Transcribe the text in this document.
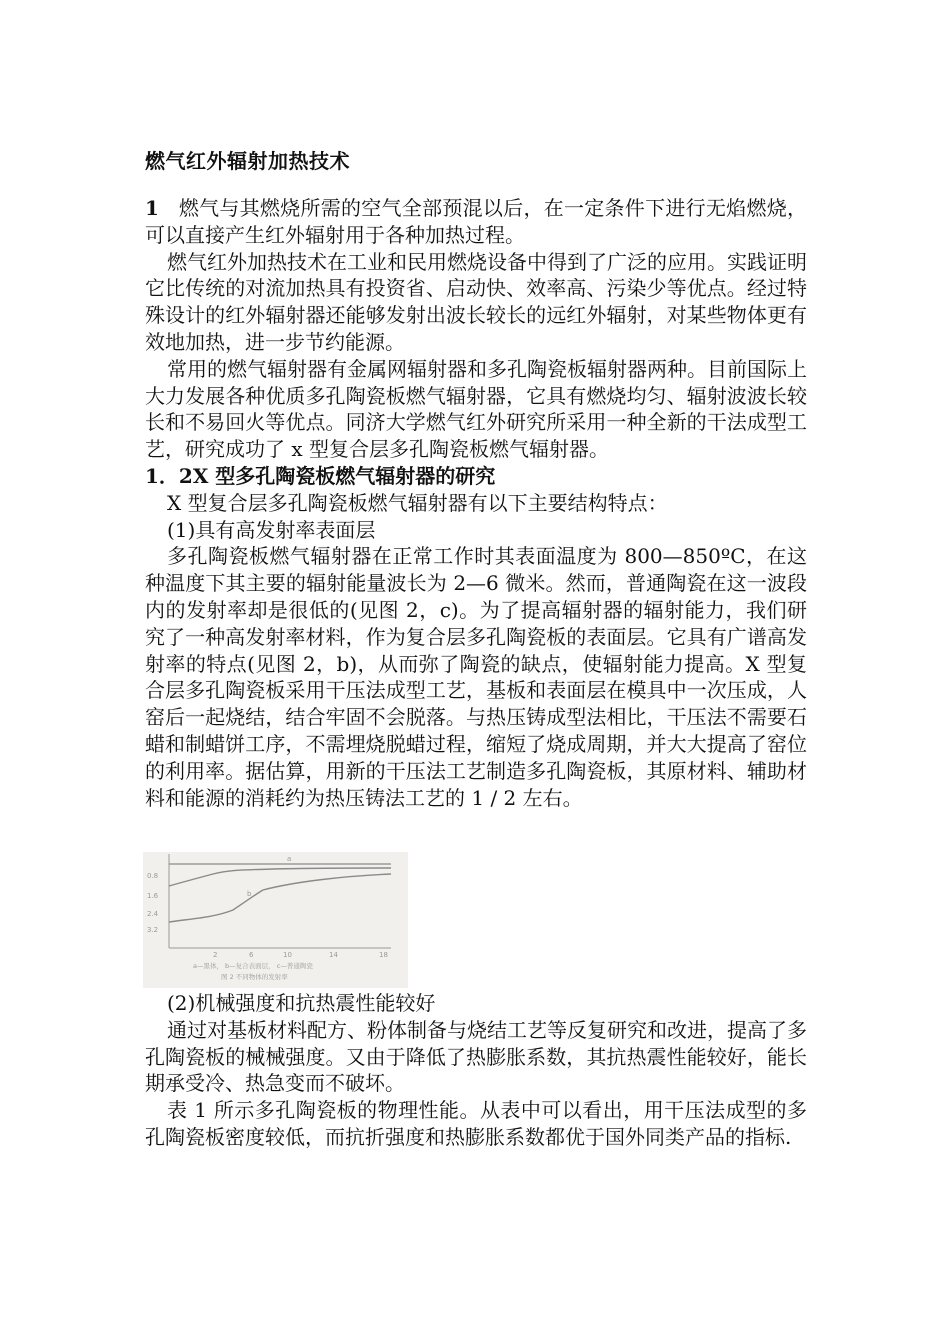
燃气红外辐射加热技术

1 燃气与其燃烧所需的空气全部预混以后，在一定条件下进行无焰燃烧，可以直接产生红外辐射用于各种加热过程。

燃气红外加热技术在工业和民用燃烧设备中得到了广泛的应用。实践证明它比传统的对流加热具有投资省、启动快、效率高、污染少等优点。经过特殊设计的红外辐射器还能够发射出波长较长的远红外辐射，对某些物体更有效地加热，进一步节约能源。

常用的燃气辐射器有金属网辐射器和多孔陶瓷板辐射器两种。目前国际上大力发展各种优质多孔陶瓷板燃气辐射器，它具有燃烧均匀、辐射波波长较长和不易回火等优点。同济大学燃气红外研究所采用一种全新的干法成型工艺，研究成功了 x 型复合层多孔陶瓷板燃气辐射器。

1．2X 型多孔陶瓷板燃气辐射器的研究

X 型复合层多孔陶瓷板燃气辐射器有以下主要结构特点：

(1)具有高发射率表面层

多孔陶瓷板燃气辐射器在正常工作时其表面温度为 800—850ºC，在这种温度下其主要的辐射能量波长为 2—6 微米。然而，普通陶瓷在这一波段内的发射率却是很低的(见图 2，c)。为了提高辐射器的辐射能力，我们研究了一种高发射率材料，作为复合层多孔陶瓷板的表面层。它具有广谱高发射率的特点(见图 2，b)，从而弥了陶瓷的缺点，使辐射能力提高。X 型复合层多孔陶瓷板采用干压法成型工艺，基板和表面层在模具中一次压成，人窑后一起烧结，结合牢固不会脱落。与热压铸成型法相比，干压法不需要石蜡和制蜡饼工序，不需埋烧脱蜡过程，缩短了烧成周期，并大大提高了窑位的利用率。据估算，用新的干压法工艺制造多孔陶瓷板，其原材料、辅助材料和能源的消耗约为热压铸法工艺的 1 / 2 左右。

0.8
1.6
2.4
3.2
2	6	10	14	18
a
b
a—黑体， b—复合表面层， c—普通陶瓷
图 2 不同物体的发射率

(2)机械强度和抗热震性能较好

通过对基板材料配方、粉体制备与烧结工艺等反复研究和改进，提高了多孔陶瓷板的械械强度。又由于降低了热膨胀系数，其抗热震性能较好，能长期承受冷、热急变而不破坏。

表 1 所示多孔陶瓷板的物理性能。从表中可以看出，用干压法成型的多孔陶瓷板密度较低，而抗折强度和热膨胀系数都优于国外同类产品的指标.
